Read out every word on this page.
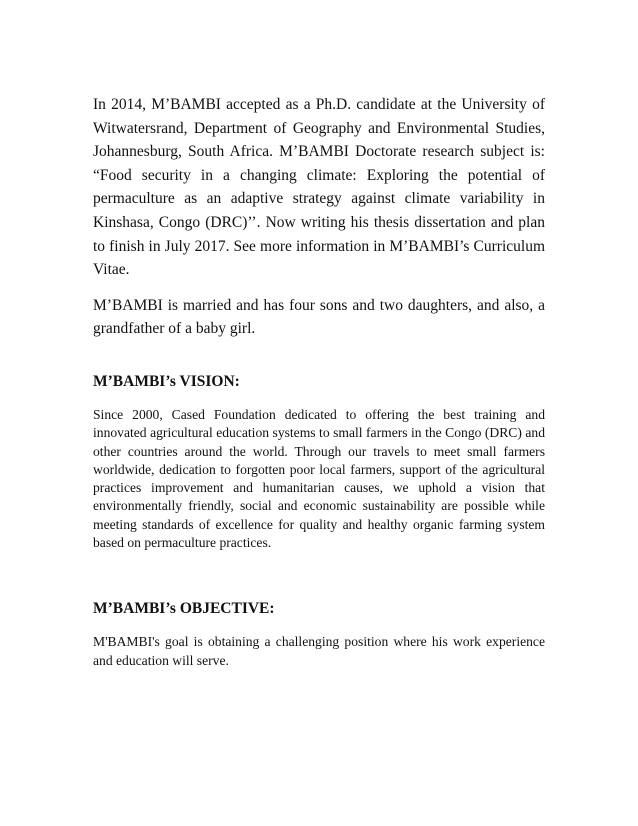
In 2014, M’BAMBI accepted as a Ph.D. candidate at the University of Witwatersrand, Department of Geography and Environmental Studies, Johannesburg, South Africa. M’BAMBI Doctorate research subject is: “Food security in a changing climate: Exploring the potential of permaculture as an adaptive strategy against climate variability in Kinshasa, Congo (DRC)’’. Now writing his thesis dissertation and plan to finish in July 2017. See more information in M’BAMBI’s Curriculum Vitae.

M’BAMBI is married and has four sons and two daughters, and also, a grandfather of a baby girl.

M’BAMBI’s VISION:

Since 2000, Cased Foundation dedicated to offering the best training and innovated agricultural education systems to small farmers in the Congo (DRC) and other countries around the world. Through our travels to meet small farmers worldwide, dedication to forgotten poor local farmers, support of the agricultural practices improvement and humanitarian causes, we uphold a vision that environmentally friendly, social and economic sustainability are possible while meeting standards of excellence for quality and healthy organic farming system based on permaculture practices.

M’BAMBI’s OBJECTIVE:

M'BAMBI's goal is obtaining a challenging position where his work experience and education will serve.
